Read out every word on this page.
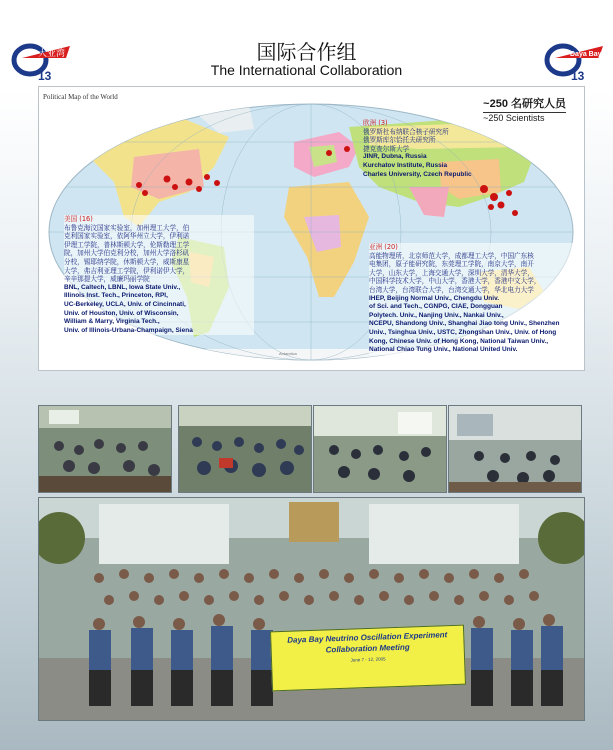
大亚湾
13
Daya Bay
13
国际合作组
The International Collaboration
Antarctica
Political Map of the World
~250 名研究人员
~250 Scientists
欧洲 (3)
俄罗斯杜布纳联合核子研究所
俄罗斯库尔恰托夫研究所
捷克查尔斯大学
JINR, Dubna, Russia
Kurchatov Institute, Russia
Charles University, Czech Republic
美国 (16)
布鲁克海汶国家实验室，加州理工大学，伯
克利国家实验室，依阿华州立大学，伊利诺
伊理工学院，普林斯顿大学，伦斯勒理工学
院，加州大学伯克利分校，加州大学洛杉矶
分校，锡耶纳学院，休斯顿大学，威斯康星
大学，弗吉利亚理工学院，伊利诺伊大学，
辛辛那提大学，威廉玛丽学院
BNL, Caltech, LBNL, Iowa State Univ.,
Illinois Inst. Tech., Princeton, RPI,
UC-Berkeley, UCLA, Univ. of Cincinnati,
Univ. of Houston, Univ. of Wisconsin,
William & Marry, Virginia Tech.,
Univ. of Illinois-Urbana-Champaign, Siena
亚洲 (20)
高能物理所，北京师范大学，成都理工大学，中国广东核
电集团，原子能研究院，东莞理工学院，南京大学，南开
大学，山东大学，上海交通大学，深圳大学，清华大学，
中国科学技术大学，中山大学，香港大学，香港中文大学，
台湾大学，台湾联合大学，台湾交通大学，华北电力大学
IHEP, Beijing Normal Univ., Chengdu Univ.
of Sci. and Tech., CGNPG, CIAE, Dongguan
Polytech. Univ., Nanjing Univ., Nankai Univ.,
NCEPU, Shandong Univ., Shanghai Jiao tong Univ., Shenzhen
Univ., Tsinghua Univ., USTC, Zhongshan Univ., Univ. of Hong
Kong, Chinese Univ. of Hong Kong, National Taiwan Univ.,
National Chiao Tung Univ., National United Univ.
Daya Bay Neutrino Oscillation Experiment
Collaboration Meeting
June 7 - 12, 2005
